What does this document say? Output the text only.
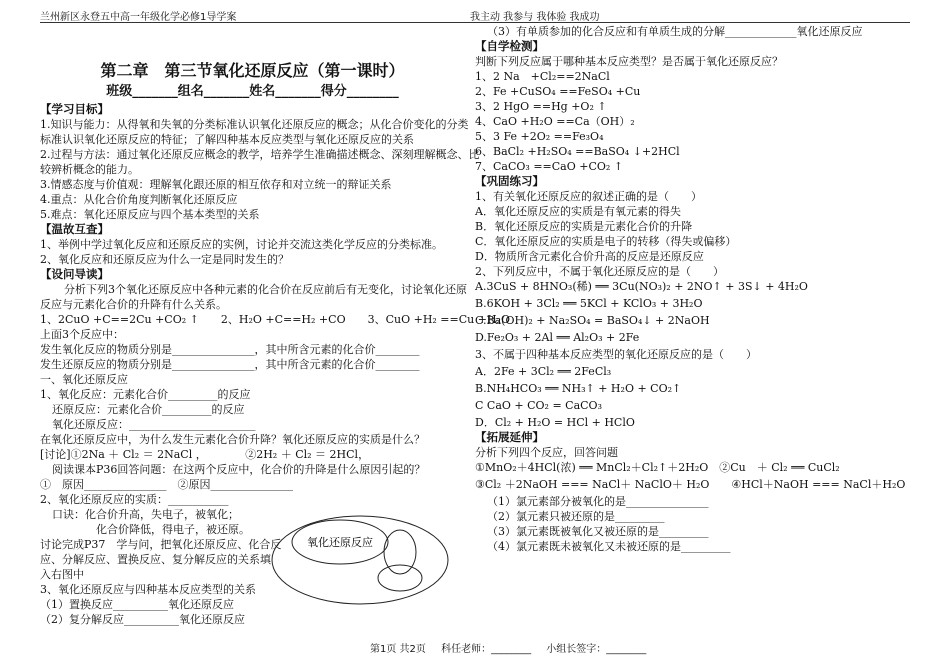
兰州新区永登五中高一年级化学必修1导学案	我主动 我参与 我体验 我成功
第二章　第三节氧化还原反应（第一课时）
班级_______组名_______姓名_______得分________
【学习目标】
1.知识与能力：从得氧和失氧的分类标准认识氧化还原反应的概念；从化合价变化的分类
标准认识氧化还原反应的特征；了解四种基本反应类型与氧化还原反应的关系
2.过程与方法：通过氧化还原反应概念的教学，培养学生准确描述概念、深刻理解概念、比
较辨析概念的能力。
3.情感态度与价值观：理解氧化跟还原的相互依存和对立统一的辩证关系
4.重点：从化合价角度判断氧化还原反应
5.难点：氧化还原反应与四个基本类型的关系
【温故互查】
1、举例中学过氧化反应和还原反应的实例，讨论并交流这类化学反应的分类标准。
2、氧化反应和还原反应为什么一定是同时发生的？
【设问导读】
分析下列3个氧化还原反应中各种元素的化合价在反应前后有无变化，讨论氧化还原
反应与元素化合价的升降有什么关系。
1、2CuO +C==2Cu +CO₂ ↑　　2、H₂O +C==H₂ +CO　　3、CuO +H₂ ==Cu +H₂O
上面3个反应中：
发生氧化反应的物质分别是_______________，其中所含元素的化合价________
发生还原反应的物质分别是_______________，其中所含元素的化合价________
一、氧化还原反应
1、氧化反应：元素化合价_________的反应
还原反应：元素化合价_________的反应
氧化还原反应：_______________________
在氧化还原反应中，为什么发生元素化合价升降？氧化还原反应的实质是什么？
[讨论]①2Na ＋ Cl₂ ＝ 2NaCl ，　　　　②2H₂ ＋ Cl₂ ＝ 2HCl，
阅读课本P36回答问题：在这两个反应中，化合价的升降是什么原因引起的？
①　原因_______________　②原因_______________
2、氧化还原反应的实质：___________
口诀：化合价升高，失电子，被氧化；
化合价降低，得电子，被还原。
讨论完成P37　学与问，把氧化还原反应、化合反
应、分解反应、置换反应、复分解反应的关系填
入右图中
3、氧化还原反应与四种基本反应类型的关系
（1）置换反应__________氧化还原反应
（2）复分解反应__________氧化还原反应
氧化还原反应
（3）有单质参加的化合反应和有单质生成的分解_____________氧化还原反应
【自学检测】
判断下列反应属于哪种基本反应类型？是否属于氧化还原反应？
1、2 Na　+Cl₂==2NaCl
2、Fe +CuSO₄ ==FeSO₄ +Cu
3、2 HgO ==Hg +O₂ ↑
4、CaO +H₂O ==Ca（OH）₂
5、3 Fe +2O₂ ==Fe₃O₄
6、BaCl₂ +H₂SO₄ ==BaSO₄ ↓+2HCl
7、CaCO₃ ==CaO +CO₂ ↑
【巩固练习】
1、有关氧化还原反应的叙述正确的是（　　）
A．氧化还原反应的实质是有氧元素的得失
B．氧化还原反应的实质是元素化合价的升降
C．氧化还原反应的实质是电子的转移（得失或偏移）
D．物质所含元素化合价升高的反应是还原反应
2、下列反应中，不属于氧化还原反应的是（　　）
A.3CuS + 8HNO₃(稀) ══ 3Cu(NO₃)₂ + 2NO↑ + 3S↓ + 4H₂O
B.6KOH + 3Cl₂ ══ 5KCl + KClO₃ + 3H₂O
C.Ba(OH)₂ + Na₂SO₄ = BaSO₄↓ + 2NaOH
D.Fe₂O₃ + 2Al ══ Al₂O₃ + 2Fe
3、不属于四种基本反应类型的氧化还原反应的是（　　）
A．2Fe + 3Cl₂ ══ 2FeCl₃
B.NH₄HCO₃ ══ NH₃↑ + H₂O + CO₂↑
C CaO + CO₂ = CaCO₃
D．Cl₂ + H₂O = HCl + HClO
【拓展延伸】
分析下列四个反应，回答问题
①MnO₂＋4HCl(浓) ══ MnCl₂＋Cl₂↑＋2H₂O　②Cu　＋ Cl₂ ══ CuCl₂
③Cl₂ ＋2NaOH === NaCl＋ NaClO＋ H₂O　　④HCl＋NaOH === NaCl＋H₂O
（1）氯元素部分被氧化的是_______________
（2）氯元素只被还原的是_________
（3）氯元素既被氧化又被还原的是_________
（4）氯元素既未被氧化又未被还原的是_________
第1页 共2页 科任老师：________ 小组长签字：________
